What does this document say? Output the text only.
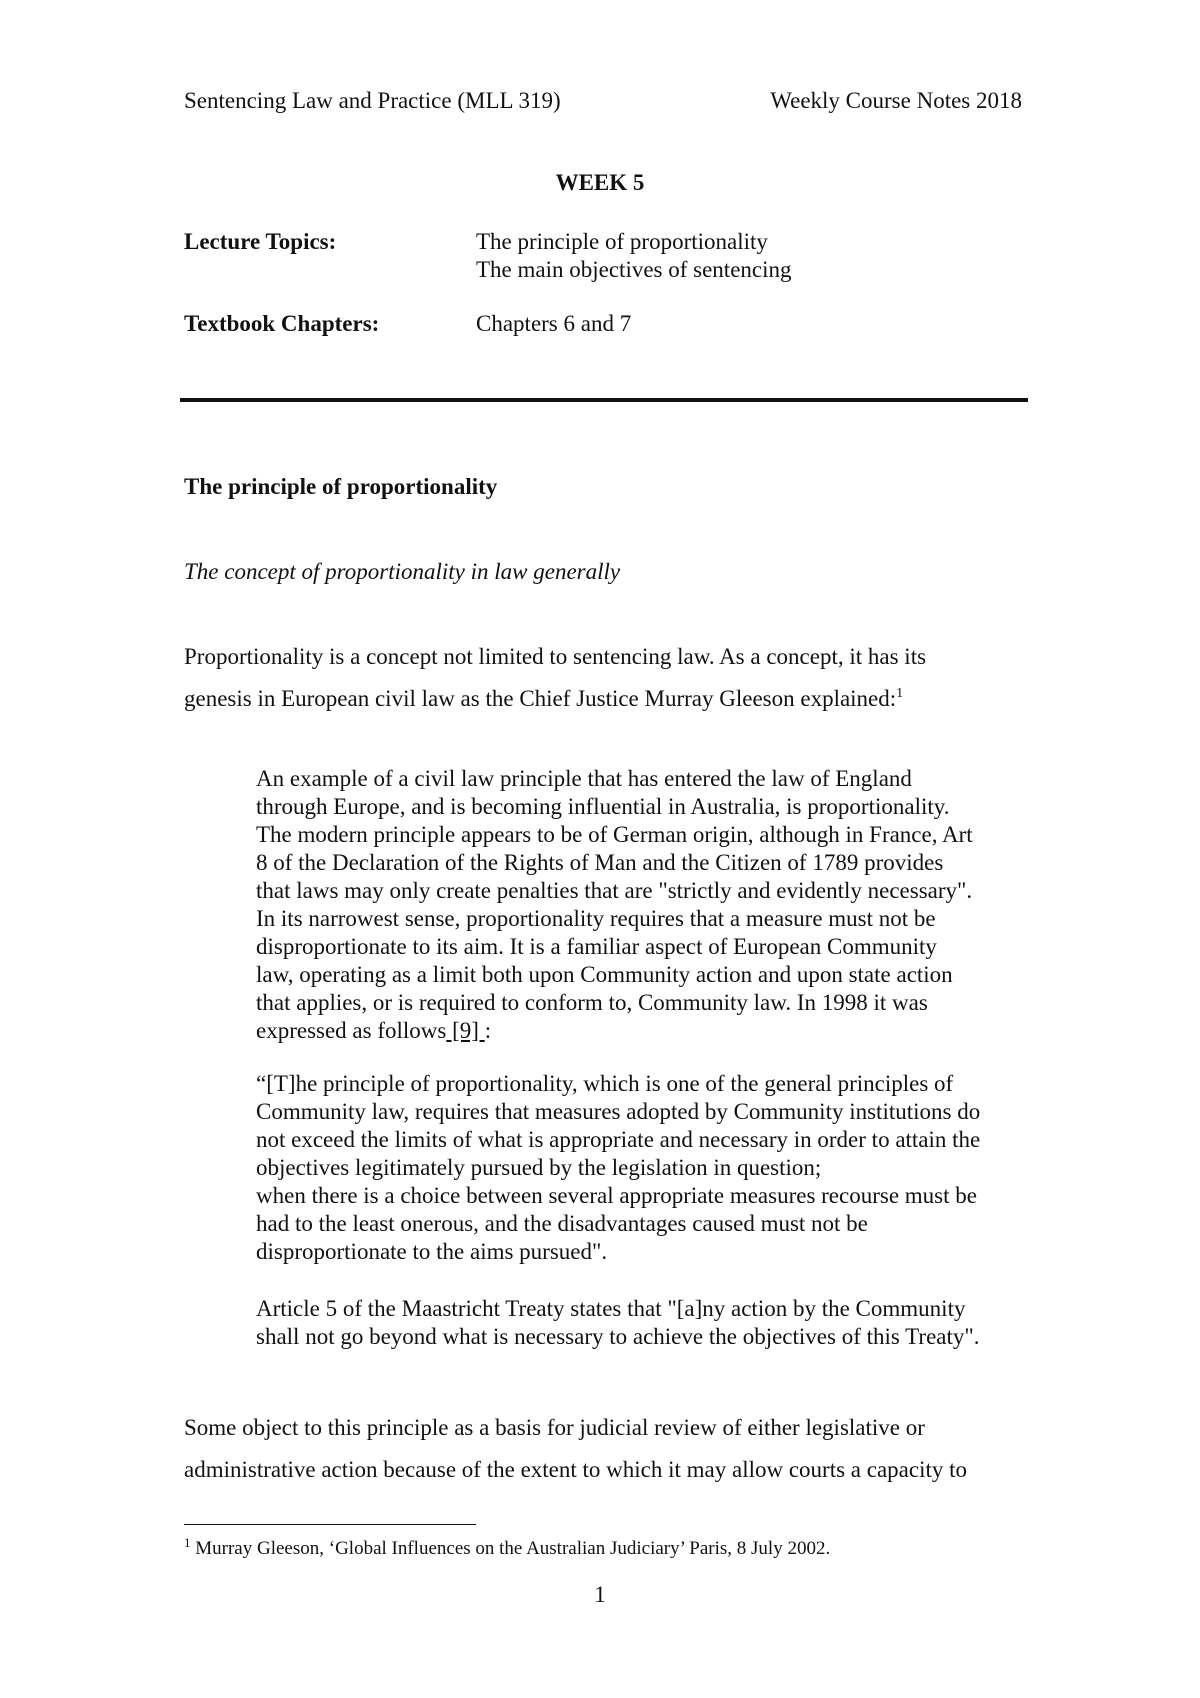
Sentencing Law and Practice (MLL 319)	Weekly Course Notes 2018
WEEK 5
Lecture Topics:	The principle of proportionality
The main objectives of sentencing
Textbook Chapters:	Chapters 6 and 7
The principle of proportionality
The concept of proportionality in law generally
Proportionality is a concept not limited to sentencing law. As a concept, it has its
genesis in European civil law as the Chief Justice Murray Gleeson explained:$^1$
An example of a civil law principle that has entered the law of England
through Europe, and is becoming influential in Australia, is proportionality.
The modern principle appears to be of German origin, although in France, Art
8 of the Declaration of the Rights of Man and the Citizen of 1789 provides
that laws may only create penalties that are "strictly and evidently necessary".
In its narrowest sense, proportionality requires that a measure must not be
disproportionate to its aim. It is a familiar aspect of European Community
law, operating as a limit both upon Community action and upon state action
that applies, or is required to conform to, Community law. In 1998 it was
expressed as follows [9] :
“[T]he principle of proportionality, which is one of the general principles of
Community law, requires that measures adopted by Community institutions do
not exceed the limits of what is appropriate and necessary in order to attain the
objectives legitimately pursued by the legislation in question;
when there is a choice between several appropriate measures recourse must be
had to the least onerous, and the disadvantages caused must not be
disproportionate to the aims pursued".
Article 5 of the Maastricht Treaty states that "[a]ny action by the Community
shall not go beyond what is necessary to achieve the objectives of this Treaty".
Some object to this principle as a basis for judicial review of either legislative or
administrative action because of the extent to which it may allow courts a capacity to
$^1$ Murray Gleeson, ‘Global Influences on the Australian Judiciary’ Paris, 8 July 2002.
1
